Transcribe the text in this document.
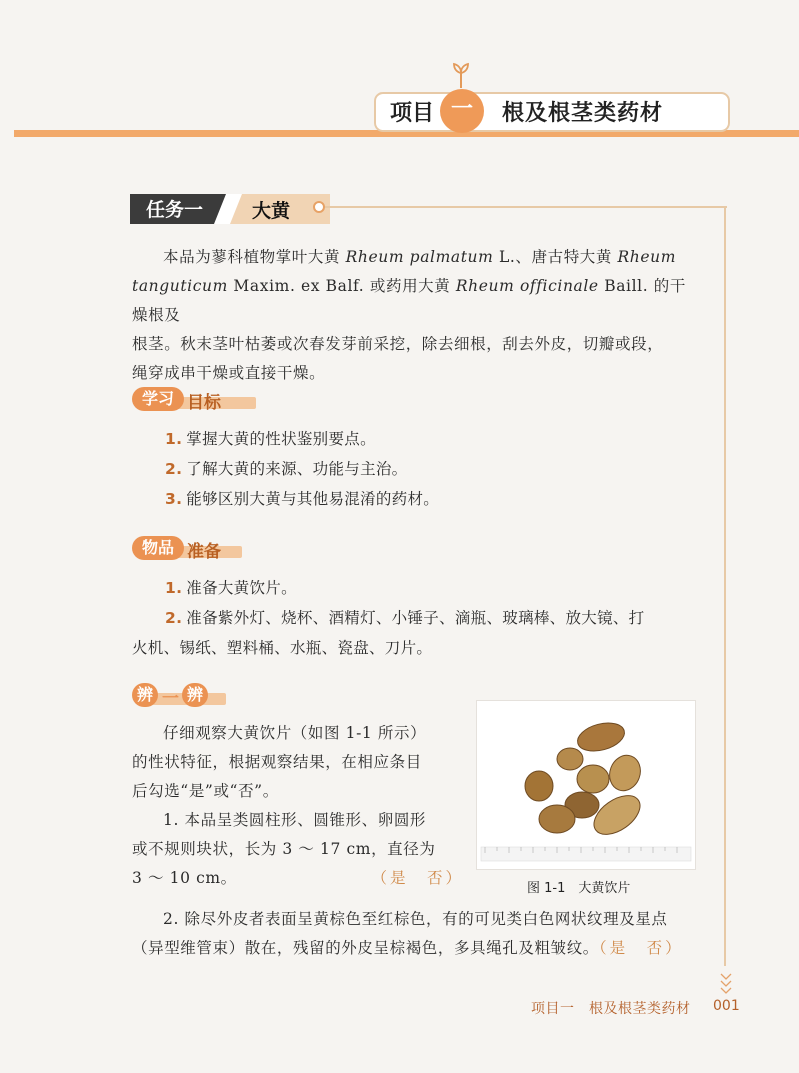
项目 一	根及根茎类药材
任务一	大黄
本品为蓼科植物掌叶大黄 Rheum palmatum L.、唐古特大黄 Rheum
tanguticum Maxim. ex Balf. 或药用大黄 Rheum officinale Baill. 的干燥根及
根茎。秋末茎叶枯萎或次春发芽前采挖，除去细根，刮去外皮，切瓣或段，
绳穿成串干燥或直接干燥。
学习 目标
1. 掌握大黄的性状鉴别要点。
2. 了解大黄的来源、功能与主治。
3. 能够区别大黄与其他易混淆的药材。
物品 准备
1. 准备大黄饮片。
2. 准备紫外灯、烧杯、酒精灯、小锤子、滴瓶、玻璃棒、放大镜、打
火机、锡纸、塑料桶、水瓶、瓷盘、刀片。
辨 一 辨
仔细观察大黄饮片（如图 1-1 所示）
的性状特征，根据观察结果，在相应条目
后勾选“是”或“否”。
1. 本品呈类圆柱形、圆锥形、卵圆形
或不规则块状，长为 3 ～ 17 cm，直径为
3 ～ 10 cm。	（是　否）
2. 除尽外皮者表面呈黄棕色至红棕色，有的可见类白色网状纹理及星点
（异型维管束）散在，残留的外皮呈棕褐色，多具绳孔及粗皱纹。（是　否）
图 1-1　大黄饮片
项目一　根及根茎类药材 001
